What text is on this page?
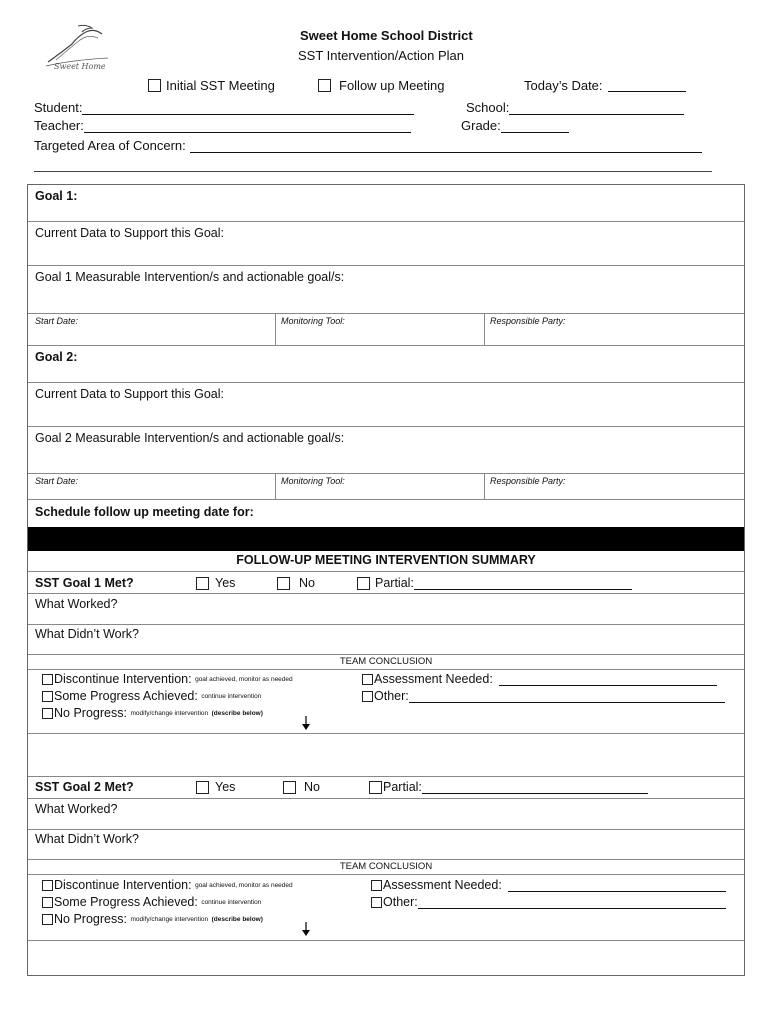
Sweet Home
Sweet Home School District
SST Intervention/Action Plan
Initial SST Meeting	Follow up Meeting	Today’s Date:
Student:	School:
Teacher:	Grade:
Targeted Area of Concern:
Goal 1:
Current Data to Support this Goal:
Goal 1 Measurable Intervention/s and actionable goal/s:
Start Date:	Monitoring Tool:	Responsible Party:
Goal 2:
Current Data to Support this Goal:
Goal 2 Measurable Intervention/s and actionable goal/s:
Start Date:	Monitoring Tool:	Responsible Party:
Schedule follow up meeting date for:
FOLLOW-UP MEETING INTERVENTION SUMMARY
SST Goal 1 Met?	Yes	No	Partial:
What Worked?
What Didn’t Work?
TEAM CONCLUSION
Discontinue Intervention:
goal achieved, monitor as needed
Some Progress Achieved:
continue intervention
No Progress:
modify/change intervention
(describe below)
Assessment Needed:
Other:
SST Goal 2 Met?	Yes	No	Partial:
What Worked?
What Didn’t Work?
TEAM CONCLUSION
Discontinue Intervention:
goal achieved, monitor as needed
Some Progress Achieved:
continue intervention
No Progress:
modify/change intervention
(describe below)
Assessment Needed:
Other:
